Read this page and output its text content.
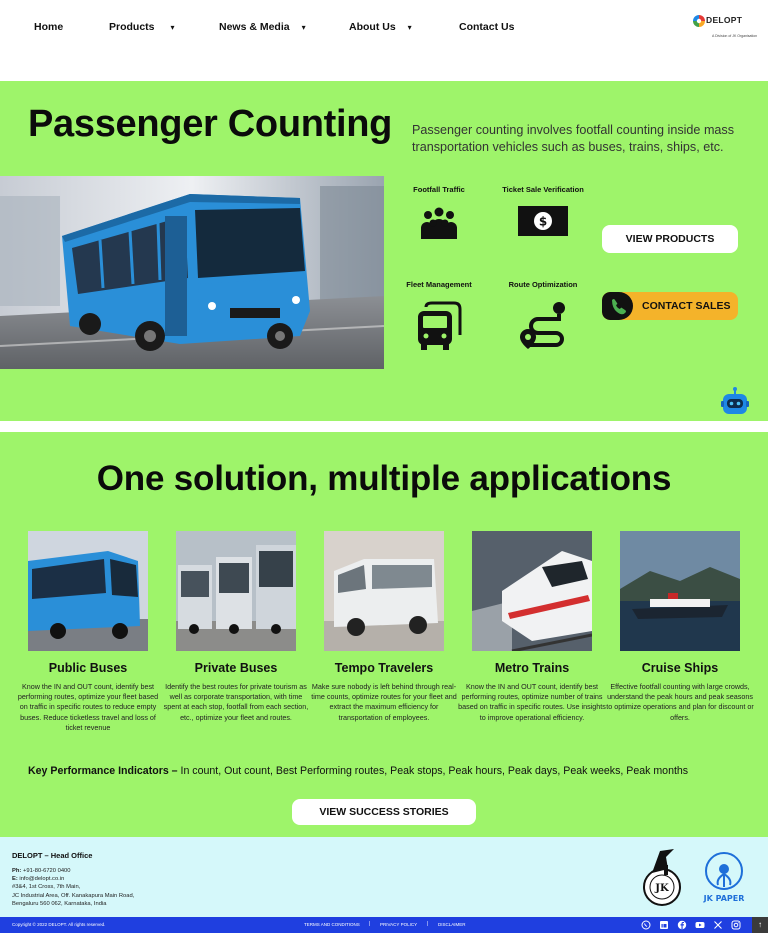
Home	Products ▾	News & Media ▾	About Us ▾	Contact Us
DELOPT
A Division of JK Organisation
Passenger Counting Passenger counting involves footfall counting inside mass transportation vehicles such as buses, trains, ships, etc.
Footfall Traffic	Ticket Sale Verification
$
Fleet Management	Route Optimization
VIEW PRODUCTS
CONTACT SALES
One solution, multiple applications
Public Buses
Know the IN and OUT count, identify best performing routes, optimize your fleet based on traffic in specific routes to reduce empty buses. Reduce ticketless travel and loss of ticket revenue
Private Buses
Identify the best routes for private tourism as well as corporate transportation, with time spent at each stop, footfall from each section, etc., optimize your fleet and routes.
Tempo Travelers
Make sure nobody is left behind through real-time counts, optimize routes for your fleet and extract the maximum efficiency for transportation of employees.
Metro Trains
Know the IN and OUT count, identify best performing routes, optimize number of trains based on traffic in specific routes. Use insights to improve operational efficiency.
Cruise Ships
Effective footfall counting with large crowds, understand the peak hours and peak seasons to optimize operations and plan for discount or offers.
Key Performance Indicators – In count, Out count, Best Performing routes, Peak stops, Peak hours, Peak days, Peak weeks, Peak months
VIEW SUCCESS STORIES
DELOPT – Head Office
Ph: +91-80-6720 0400
E: info@delopt.co.in
#3&4, 1st Cross, 7th Main,
JC Industrial Area, Off. Kanakapura Main Road,
Bengaluru 560 062, Karnataka, India
JK
JK PAPER
Copyright © 2022 DELOPT. All rights reserved.	TERMS AND CONDITIONS | PRIVACY POLICY | DISCLAIMER	↑
